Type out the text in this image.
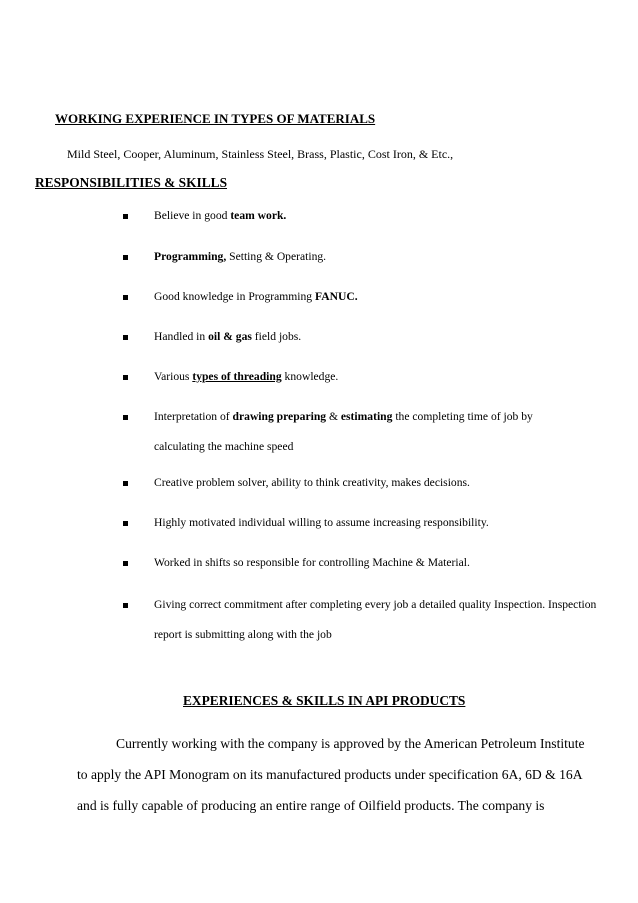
WORKING EXPERIENCE IN TYPES OF MATERIALS
Mild Steel, Cooper, Aluminum, Stainless Steel, Brass, Plastic, Cost Iron, & Etc.,
RESPONSIBILITIES & SKILLS
Believe in good team work.
Programming, Setting & Operating.
Good knowledge in Programming FANUC.
Handled in oil & gas field jobs.
Various types of threading knowledge.
Interpretation of drawing preparing & estimating the completing time of job by
calculating the machine speed
Creative problem solver, ability to think creativity, makes decisions.
Highly motivated individual willing to assume increasing responsibility.
Worked in shifts so responsible for controlling Machine & Material.
Giving correct commitment after completing every job a detailed quality Inspection. Inspection
report is submitting along with the job
EXPERIENCES & SKILLS IN API PRODUCTS
Currently working with the company is approved by the American Petroleum Institute
to apply the API Monogram on its manufactured products under specification 6A, 6D & 16A
and is fully capable of producing an entire range of Oilfield products. The company is
